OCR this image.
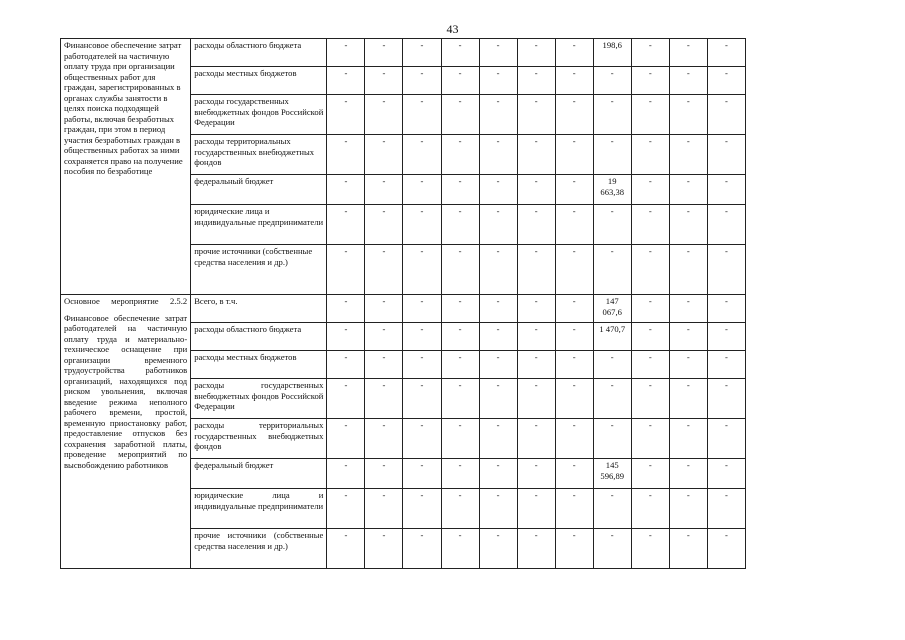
43
Финансовое обеспечение затрат работодателей на частичную оплату труда при организации общественных работ для граждан, зарегистрированных в органах службы занятости в целях поиска подходящей работы, включая безработных граждан, при этом в период участия безработных граждан в общественных работах за ними сохраняется право на получение пособия по безработице	расходы областного бюджета	-	-	-	-	-	-	-	198,6	-	-	-
	расходы местных бюджетов	-	-	-	-	-	-	-	-	-	-	-
	расходы государственных внебюджетных фондов Российской Федерации	-	-	-	-	-	-	-	-	-	-	-
	расходы территориальных государственных внебюджетных фондов	-	-	-	-	-	-	-	-	-	-	-
	федеральный бюджет	-	-	-	-	-	-	-	19 663,38	-	-	-
	юридические лица и индивидуальные предприниматели	-	-	-	-	-	-	-	-	-	-	-
	прочие источники (собственные средства населения и др.)	-	-	-	-	-	-	-	-	-	-	-

Основное мероприятие 2.5.2
Финансовое обеспечение затрат работодателей на частичную оплату труда и материально-техническое оснащение при организации временного трудоустройства работников организаций, находящихся под риском увольнения, включая введение режима неполного рабочего времени, простой, временную приостановку работ, предоставление отпусков без сохранения заработной платы, проведение мероприятий по высвобождению работников	Всего, в т.ч.	-	-	-	-	-	-	-	147 067,6	-	-	-
	расходы областного бюджета	-	-	-	-	-	-	-	1 470,7	-	-	-
	расходы местных бюджетов	-	-	-	-	-	-	-	-	-	-	-
	расходы государственных внебюджетных фондов Российской Федерации	-	-	-	-	-	-	-	-	-	-	-
	расходы территориальных государственных внебюджетных фондов	-	-	-	-	-	-	-	-	-	-	-
	федеральный бюджет	-	-	-	-	-	-	-	145 596,89	-	-	-
	юридические лица и индивидуальные предприниматели	-	-	-	-	-	-	-	-	-	-	-
	прочие источники (собственные средства населения и др.)	-	-	-	-	-	-	-	-	-	-	-
